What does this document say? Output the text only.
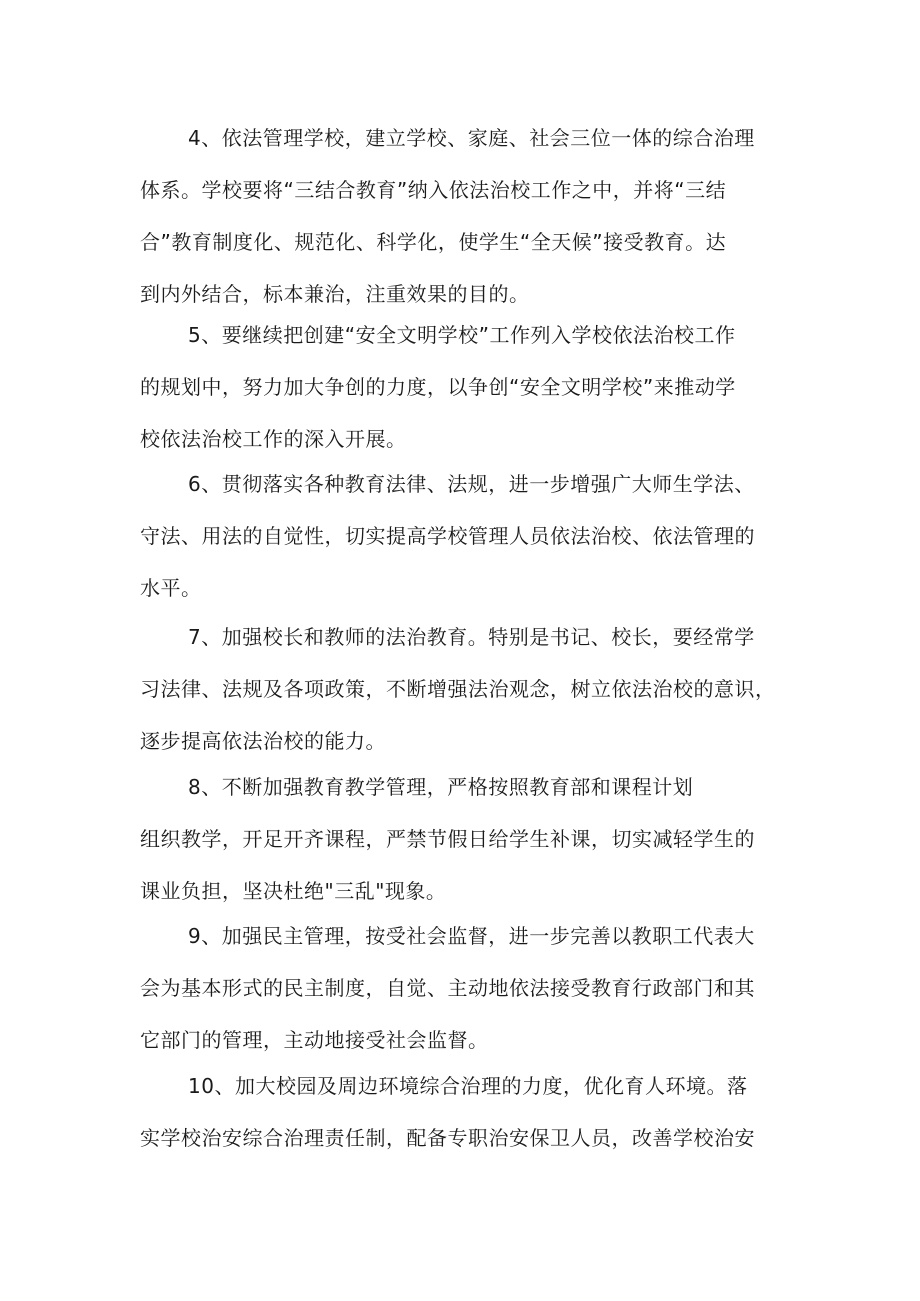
4、依法管理学校，建立学校、家庭、社会三位一体的综合治理
体系。学校要将“三结合教育”纳入依法治校工作之中，并将“三结
合”教育制度化、规范化、科学化，使学生“全天候”接受教育。达
到内外结合，标本兼治，注重效果的目的。
5、要继续把创建“安全文明学校”工作列入学校依法治校工作
的规划中，努力加大争创的力度，以争创“安全文明学校”来推动学
校依法治校工作的深入开展。
6、贯彻落实各种教育法律、法规，进一步增强广大师生学法、
守法、用法的自觉性，切实提高学校管理人员依法治校、依法管理的
水平。
7、加强校长和教师的法治教育。特别是书记、校长，要经常学
习法律、法规及各项政策，不断增强法治观念，树立依法治校的意识，
逐步提高依法治校的能力。
8、不断加强教育教学管理，严格按照教育部和课程计划
组织教学，开足开齐课程，严禁节假日给学生补课，切实减轻学生的
课业负担，坚决杜绝"三乱"现象。
9、加强民主管理，按受社会监督，进一步完善以教职工代表大
会为基本形式的民主制度，自觉、主动地依法接受教育行政部门和其
它部门的管理，主动地接受社会监督。
10、加大校园及周边环境综合治理的力度，优化育人环境。落
实学校治安综合治理责任制，配备专职治安保卫人员，改善学校治安
